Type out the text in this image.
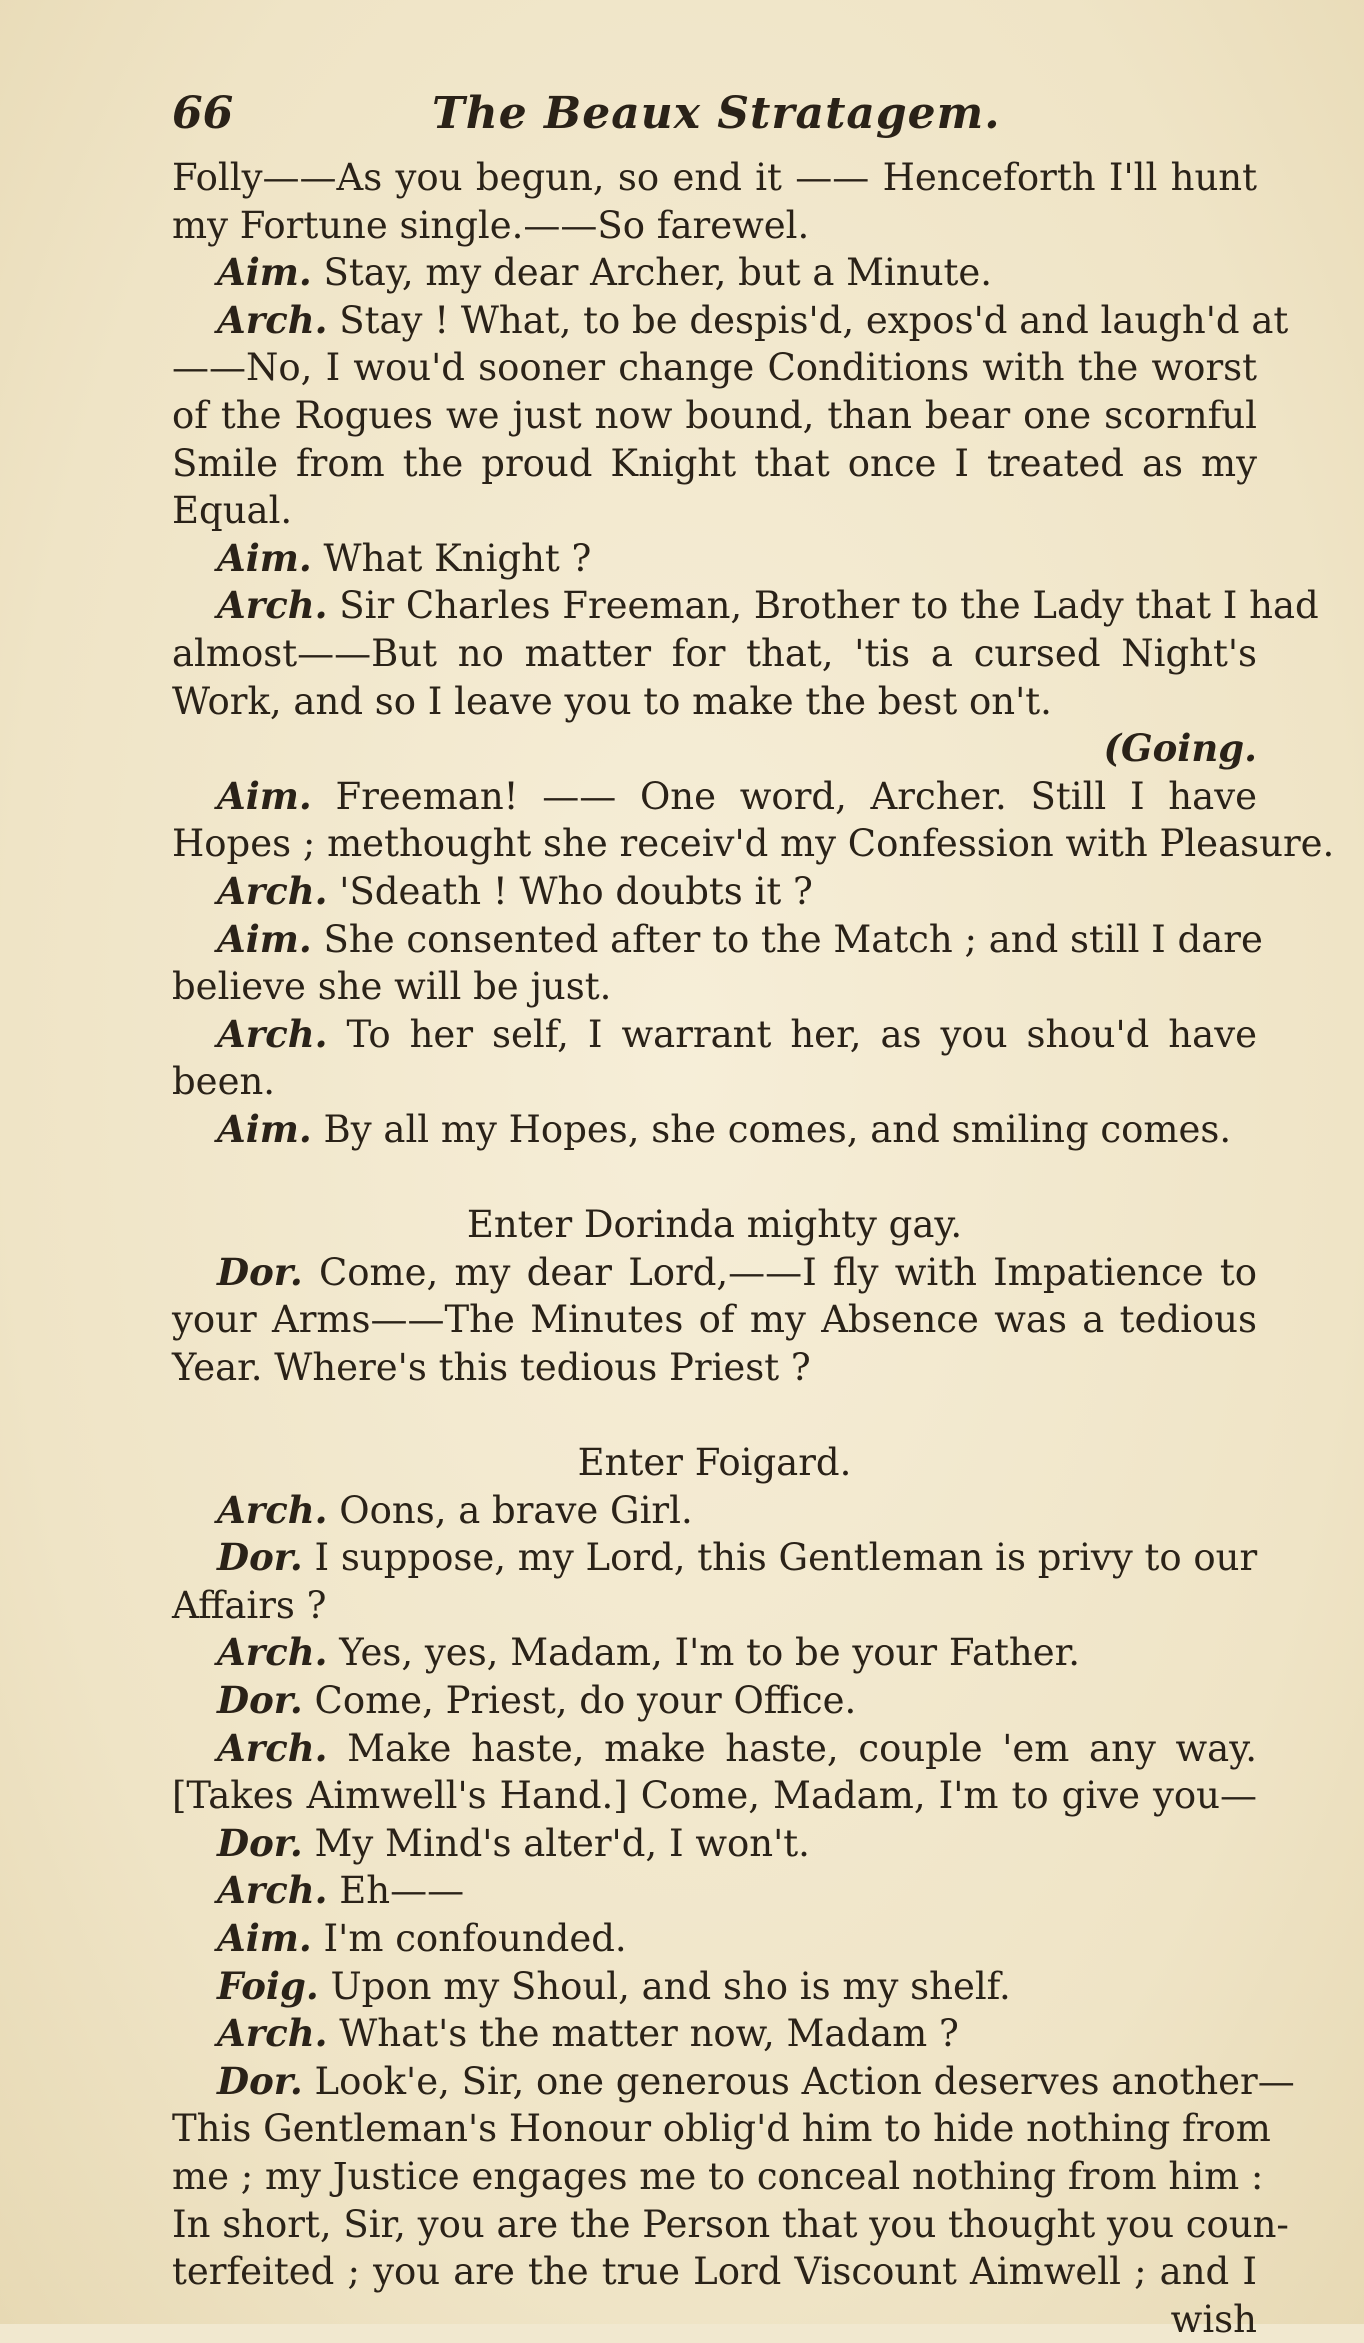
66	The Beaux Stratagem.
Folly——As you begun, so end it —— Henceforth I'll hunt
my Fortune single.——So farewel.
Aim. Stay, my dear Archer, but a Minute.
Arch. Stay ! What, to be despis'd, expos'd and laugh'd at
——No, I wou'd sooner change Conditions with the worst
of the Rogues we just now bound, than bear one scornful
Smile from the proud Knight that once I treated as my
Equal.
Aim. What Knight ?
Arch. Sir Charles Freeman, Brother to the Lady that I had
almost——But no matter for that, 'tis a cursed Night's
Work, and so I leave you to make the best on't.
(Going.
Aim. Freeman! —— One word, Archer. Still I have
Hopes ; methought she receiv'd my Confession with Pleasure.
Arch. 'Sdeath ! Who doubts it ?
Aim. She consented after to the Match ; and still I dare
believe she will be just.
Arch. To her self, I warrant her, as you shou'd have
been.
Aim. By all my Hopes, she comes, and smiling comes.
Enter Dorinda mighty gay.
Dor. Come, my dear Lord,——I fly with Impatience to
your Arms——The Minutes of my Absence was a tedious
Year. Where's this tedious Priest ?
Enter Foigard.
Arch. Oons, a brave Girl.
Dor. I suppose, my Lord, this Gentleman is privy to our
Affairs ?
Arch. Yes, yes, Madam, I'm to be your Father.
Dor. Come, Priest, do your Office.
Arch. Make haste, make haste, couple 'em any way.
[Takes Aimwell's Hand.] Come, Madam, I'm to give you—
Dor. My Mind's alter'd, I won't.
Arch. Eh——
Aim. I'm confounded.
Foig. Upon my Shoul, and sho is my shelf.
Arch. What's the matter now, Madam ?
Dor. Look'e, Sir, one generous Action deserves another—
This Gentleman's Honour oblig'd him to hide nothing from
me ; my Justice engages me to conceal nothing from him :
In short, Sir, you are the Person that you thought you coun-
terfeited ; you are the true Lord Viscount Aimwell ; and I
wish
